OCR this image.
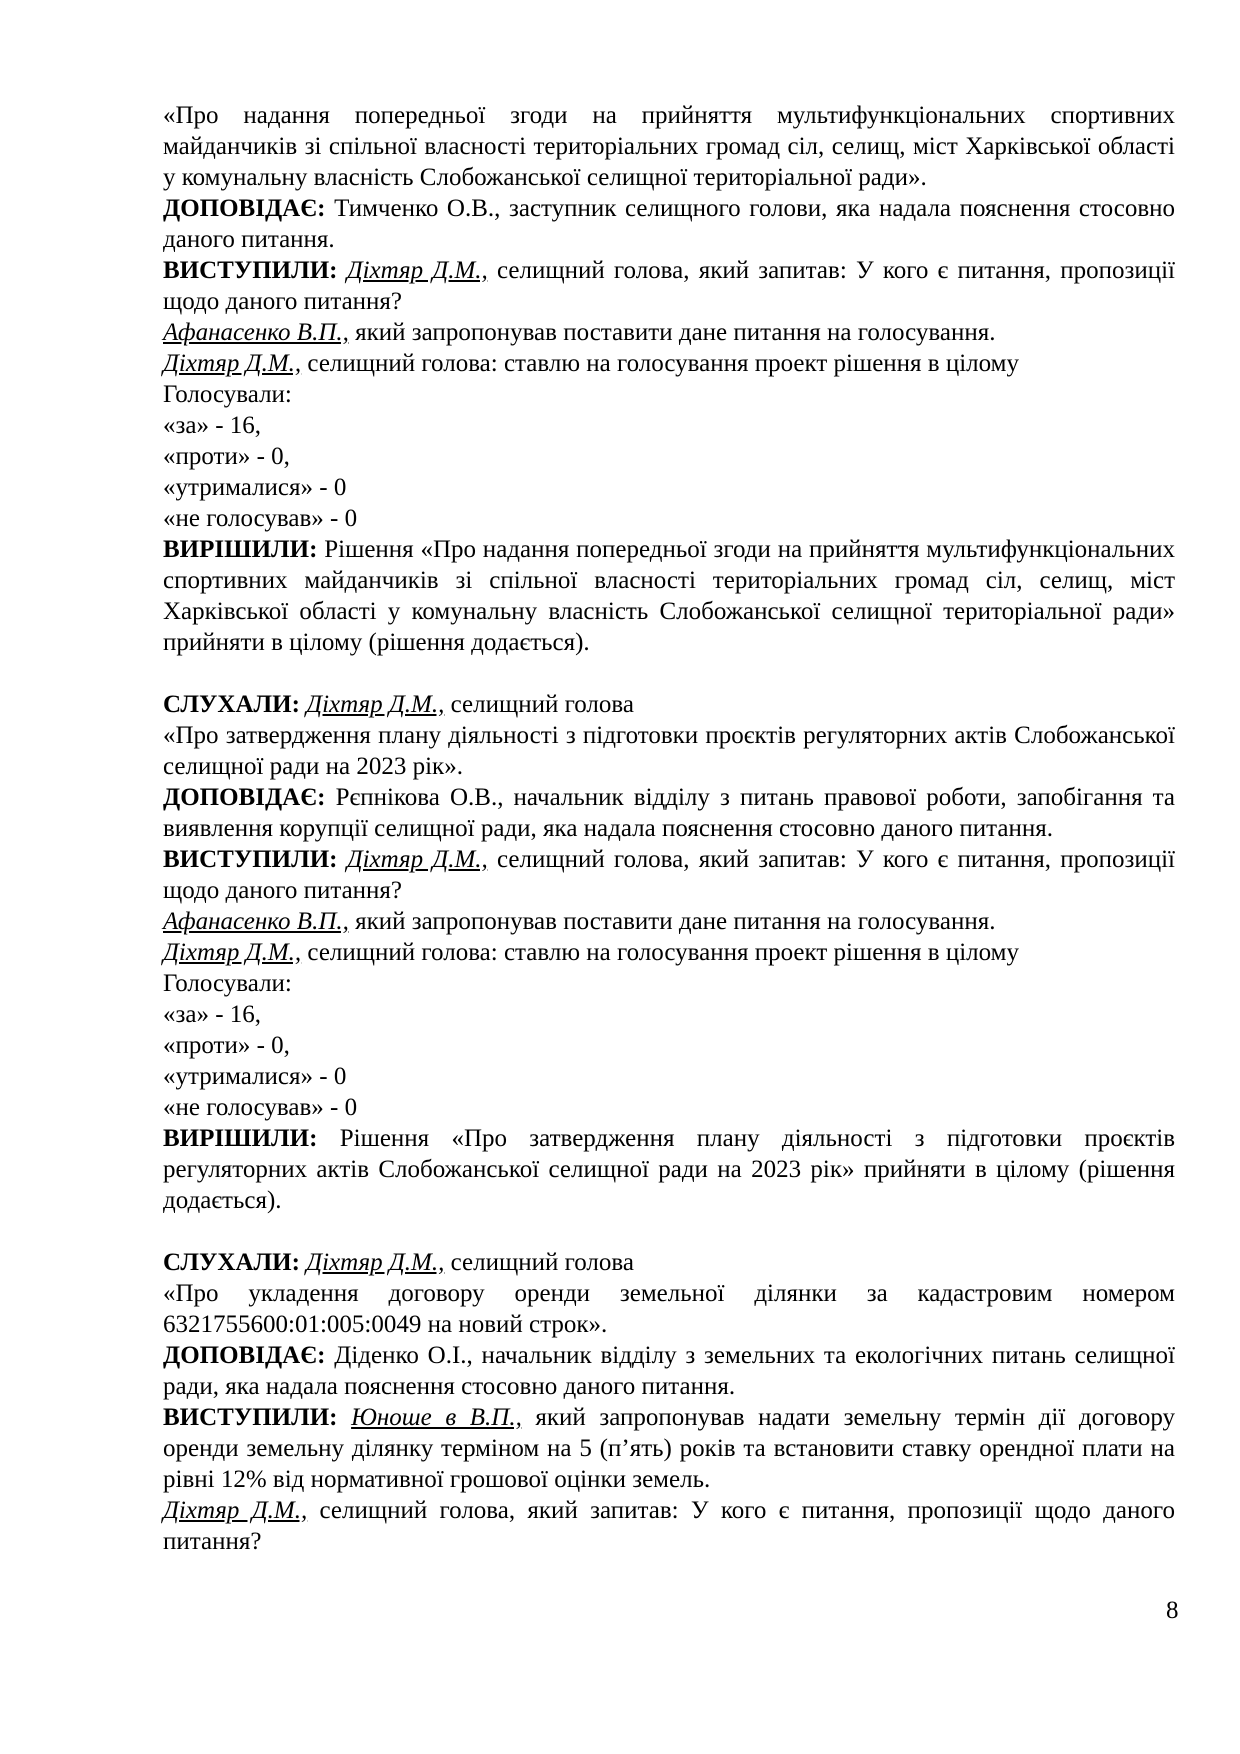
«Про надання попередньої згоди на прийняття мультифункціональних спортивних майданчиків зі спільної власності територіальних громад сіл, селищ, міст Харківської області у комунальну власність Слобожанської селищної територіальної ради».

ДОПОВІДАЄ: Тимченко О.В., заступник селищного голови, яка надала пояснення стосовно даного питання.

ВИСТУПИЛИ: Діхтяр Д.М., селищний голова, який запитав: У кого є питання, пропозиції щодо даного питання?

Афанасенко В.П., який запропонував поставити дане питання на голосування.

Діхтяр Д.М., селищний голова: ставлю на голосування проект рішення в цілому

Голосували:

«за» - 16,

«проти» - 0,

«утрималися» - 0

«не голосував» - 0

ВИРІШИЛИ: Рішення «Про надання попередньої згоди на прийняття мультифункціональних спортивних майданчиків зі спільної власності територіальних громад сіл, селищ, міст Харківської області у комунальну власність Слобожанської селищної територіальної ради» прийняти в цілому (рішення додається).

СЛУХАЛИ: Діхтяр Д.М., селищний голова

«Про затвердження плану діяльності з підготовки проєктів регуляторних актів Слобожанської селищної ради на 2023 рік».

ДОПОВІДАЄ: Рєпнікова О.В., начальник відділу з питань правової роботи, запобігання та виявлення корупції селищної ради, яка надала пояснення стосовно даного питання.

ВИСТУПИЛИ: Діхтяр Д.М., селищний голова, який запитав: У кого є питання, пропозиції щодо даного питання?

Афанасенко В.П., який запропонував поставити дане питання на голосування.

Діхтяр Д.М., селищний голова: ставлю на голосування проект рішення в цілому

Голосували:

«за» - 16,

«проти» - 0,

«утрималися» - 0

«не голосував» - 0

ВИРІШИЛИ: Рішення «Про затвердження плану діяльності з підготовки проєктів регуляторних актів Слобожанської селищної ради на 2023 рік» прийняти в цілому (рішення додається).

СЛУХАЛИ: Діхтяр Д.М., селищний голова

«Про укладення договору оренди земельної ділянки за кадастровим номером 6321755600:01:005:0049 на новий строк».

ДОПОВІДАЄ: Діденко О.І., начальник відділу з земельних та екологічних питань селищної ради, яка надала пояснення стосовно даного питання.

ВИСТУПИЛИ: Юноше в В.П., який запропонував надати земельну термін дії договору оренди земельну ділянку терміном на 5 (п’ять) років та встановити ставку орендної плати на рівні 12% від нормативної грошової оцінки земель.

Діхтяр Д.М., селищний голова, який запитав: У кого є питання, пропозиції щодо даного питання?

8
